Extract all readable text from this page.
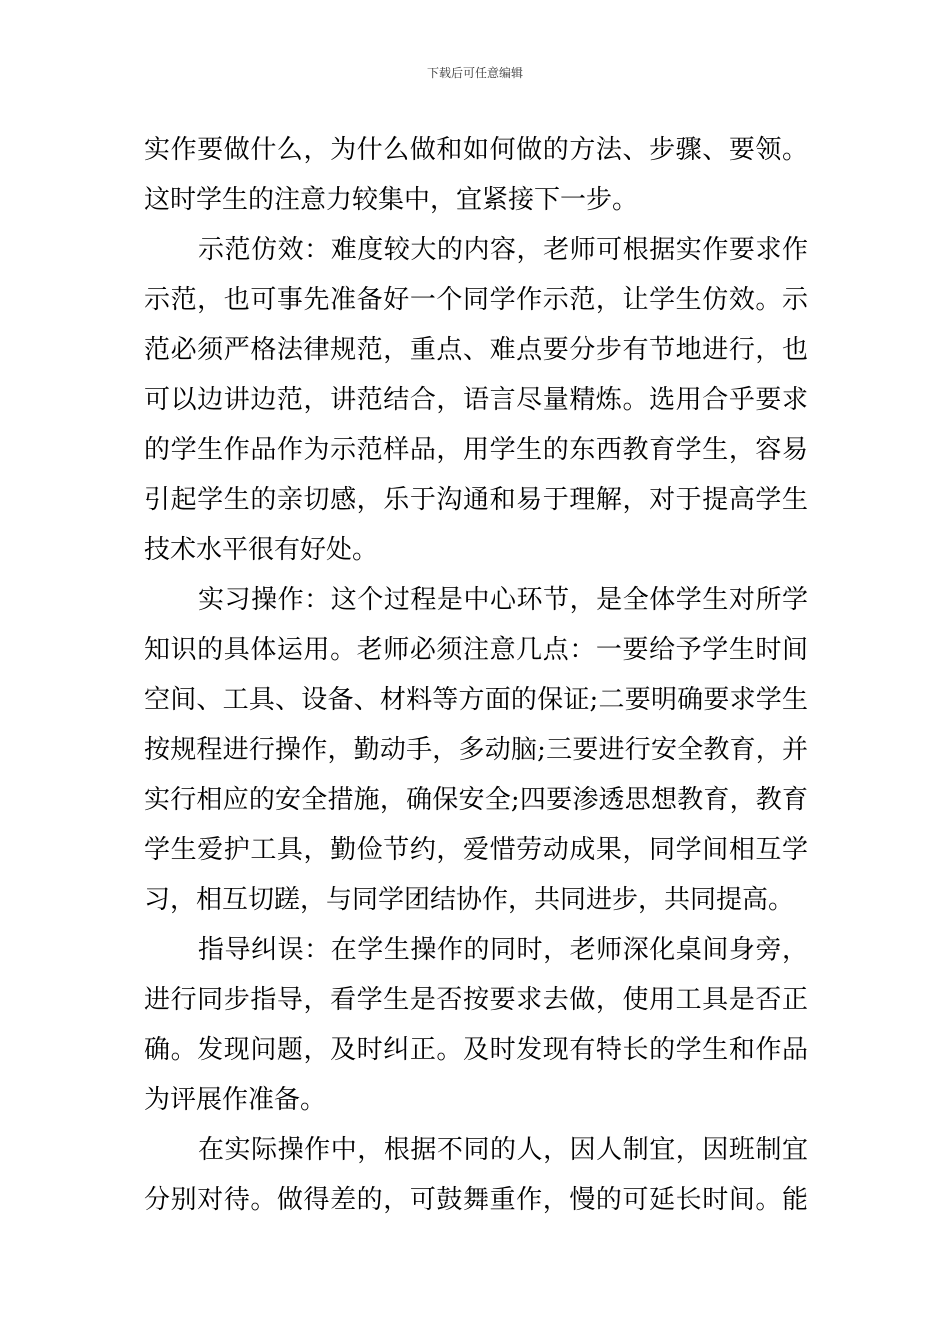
下载后可任意编辑
实作要做什么，为什么做和如何做的方法、步骤、要领。
这时学生的注意力较集中，宜紧接下一步。
示范仿效：难度较大的内容，老师可根据实作要求作
示范，也可事先准备好一个同学作示范，让学生仿效。示
范必须严格法律规范，重点、难点要分步有节地进行，也
可以边讲边范，讲范结合，语言尽量精炼。选用合乎要求
的学生作品作为示范样品，用学生的东西教育学生，容易
引起学生的亲切感，乐于沟通和易于理解，对于提高学生
技术水平很有好处。
实习操作：这个过程是中心环节，是全体学生对所学
知识的具体运用。老师必须注意几点：一要给予学生时间
空间、工具、设备、材料等方面的保证;二要明确要求学生
按规程进行操作，勤动手，多动脑;三要进行安全教育，并
实行相应的安全措施，确保安全;四要渗透思想教育，教育
学生爱护工具，勤俭节约，爱惜劳动成果，同学间相互学
习，相互切蹉，与同学团结协作，共同进步，共同提高。
指导纠误：在学生操作的同时，老师深化桌间身旁，
进行同步指导，看学生是否按要求去做，使用工具是否正
确。发现问题，及时纠正。及时发现有特长的学生和作品
为评展作准备。
在实际操作中，根据不同的人，因人制宜，因班制宜
分别对待。做得差的，可鼓舞重作，慢的可延长时间。能
